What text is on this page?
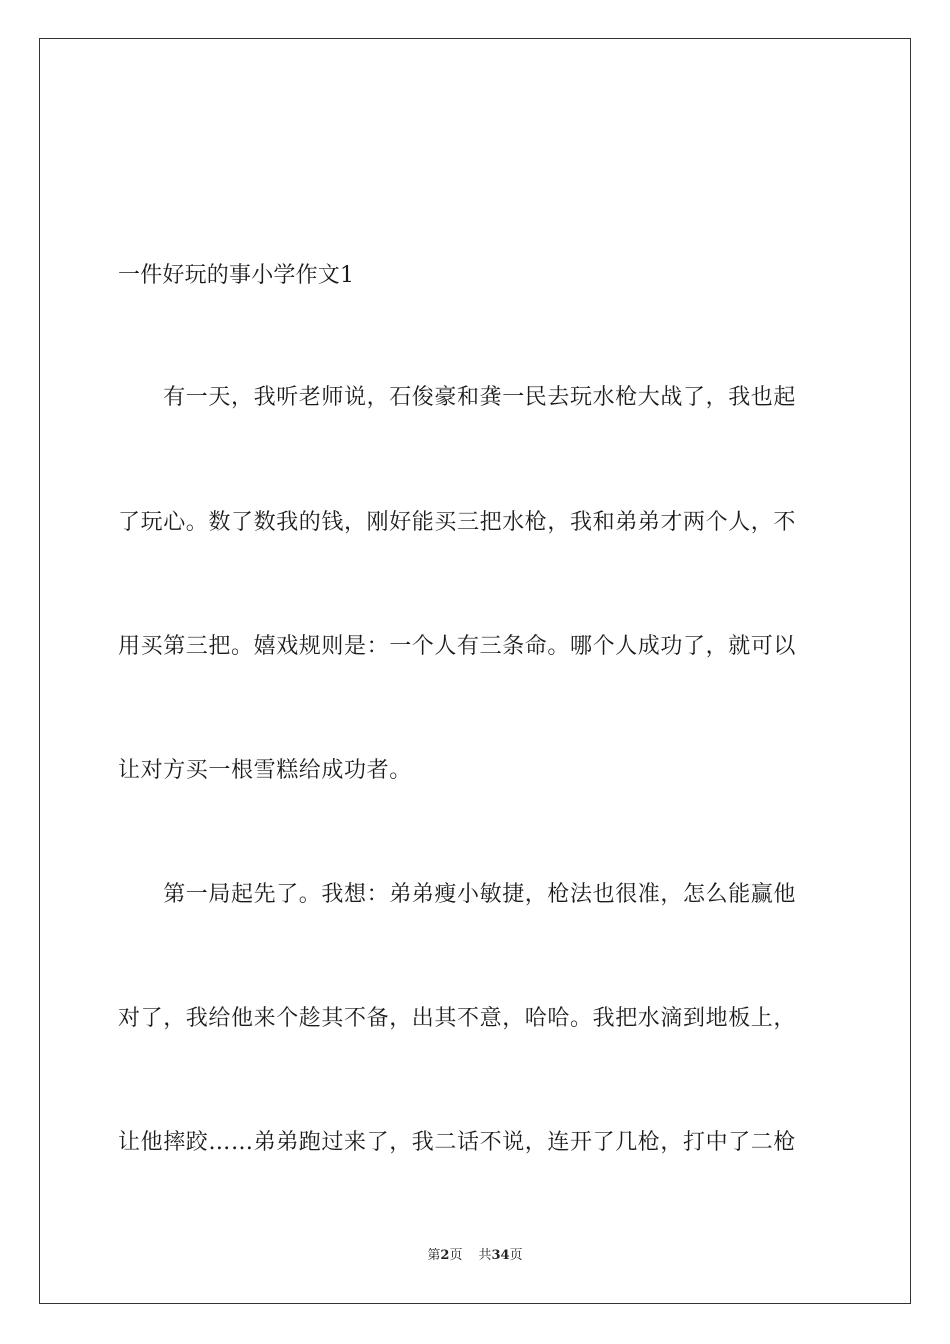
一件好玩的事小学作文1
　　有一天，我听老师说，石俊豪和龚一民去玩水枪大战了，我也起
了玩心。数了数我的钱，刚好能买三把水枪，我和弟弟才两个人，不
用买第三把。嬉戏规则是：一个人有三条命。哪个人成功了，就可以
让对方买一根雪糕给成功者。
　　第一局起先了。我想：弟弟瘦小敏捷，枪法也很准，怎么能赢他
对了，我给他来个趁其不备，出其不意，哈哈。我把水滴到地板上，
让他摔跤……弟弟跑过来了，我二话不说，连开了几枪，打中了二枪
第2页 共34页
